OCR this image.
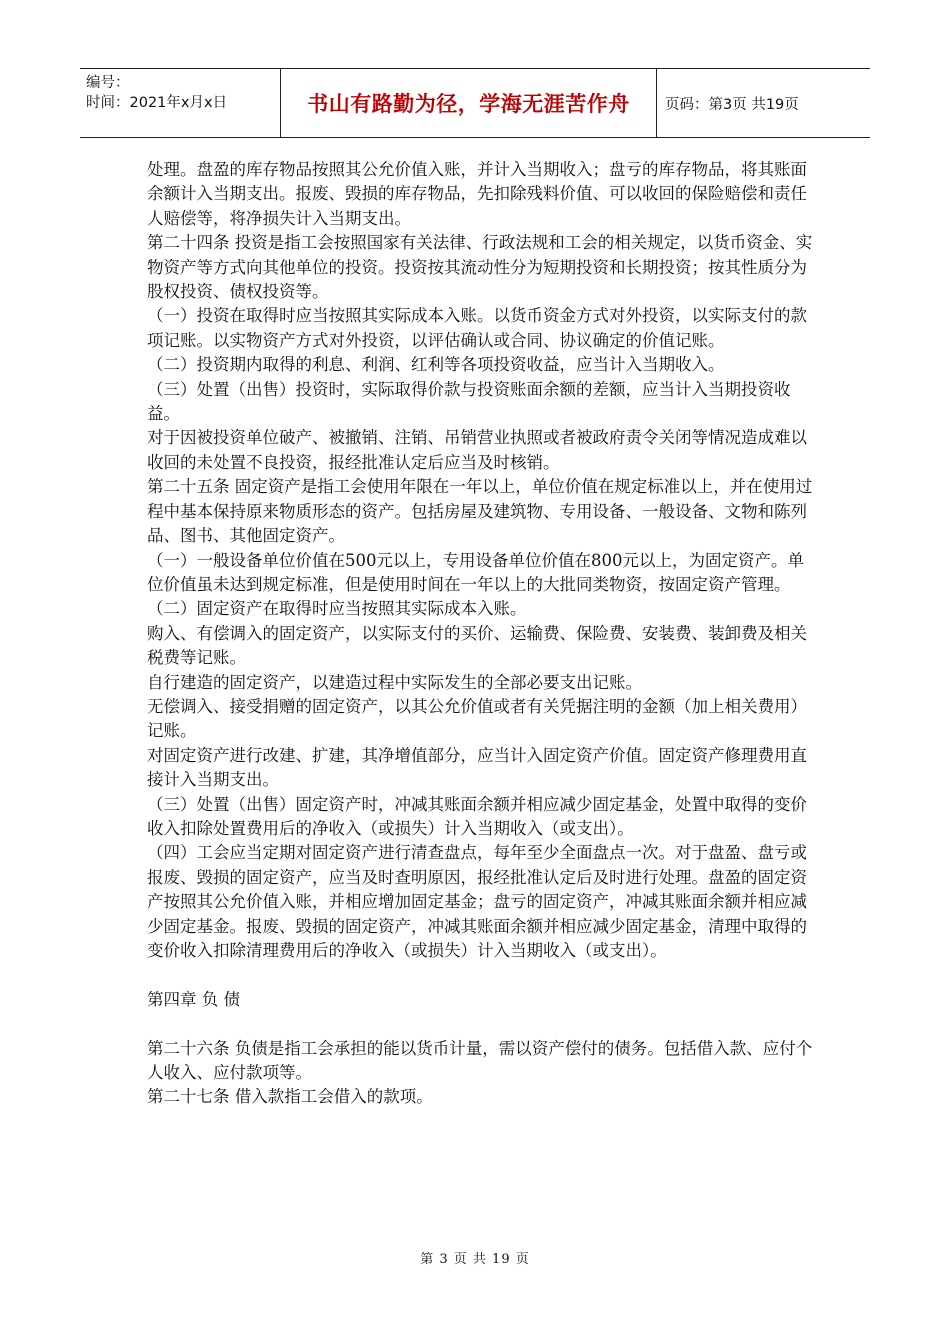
编号：
时间：2021年x月x日	书山有路勤为径，学海无涯苦作舟 页码：第3页 共19页

处理。盘盈的库存物品按照其公允价值入账，并计入当期收入；盘亏的库存物品，将其账面余额计入当期支出。报废、毁损的库存物品，先扣除残料价值、可以收回的保险赔偿和责任人赔偿等，将净损失计入当期支出。

第二十四条 投资是指工会按照国家有关法律、行政法规和工会的相关规定，以货币资金、实物资产等方式向其他单位的投资。投资按其流动性分为短期投资和长期投资；按其性质分为股权投资、债权投资等。

（一）投资在取得时应当按照其实际成本入账。以货币资金方式对外投资，以实际支付的款项记账。以实物资产方式对外投资，以评估确认或合同、协议确定的价值记账。

（二）投资期内取得的利息、利润、红利等各项投资收益，应当计入当期收入。

（三）处置（出售）投资时，实际取得价款与投资账面余额的差额，应当计入当期投资收益。

对于因被投资单位破产、被撤销、注销、吊销营业执照或者被政府责令关闭等情况造成难以收回的未处置不良投资，报经批准认定后应当及时核销。

第二十五条 固定资产是指工会使用年限在一年以上，单位价值在规定标准以上，并在使用过程中基本保持原来物质形态的资产。包括房屋及建筑物、专用设备、一般设备、文物和陈列品、图书、其他固定资产。

（一）一般设备单位价值在500元以上，专用设备单位价值在800元以上，为固定资产。单位价值虽未达到规定标准，但是使用时间在一年以上的大批同类物资，按固定资产管理。

（二）固定资产在取得时应当按照其实际成本入账。

购入、有偿调入的固定资产，以实际支付的买价、运输费、保险费、安装费、装卸费及相关税费等记账。

自行建造的固定资产，以建造过程中实际发生的全部必要支出记账。

无偿调入、接受捐赠的固定资产，以其公允价值或者有关凭据注明的金额（加上相关费用）记账。

对固定资产进行改建、扩建，其净增值部分，应当计入固定资产价值。固定资产修理费用直接计入当期支出。

（三）处置（出售）固定资产时，冲减其账面余额并相应减少固定基金，处置中取得的变价收入扣除处置费用后的净收入（或损失）计入当期收入（或支出）。

（四）工会应当定期对固定资产进行清查盘点，每年至少全面盘点一次。对于盘盈、盘亏或报废、毁损的固定资产，应当及时查明原因，报经批准认定后及时进行处理。盘盈的固定资产按照其公允价值入账，并相应增加固定基金；盘亏的固定资产，冲减其账面余额并相应减少固定基金。报废、毁损的固定资产，冲减其账面余额并相应减少固定基金，清理中取得的变价收入扣除清理费用后的净收入（或损失）计入当期收入（或支出）。

第四章 负 债

第二十六条 负债是指工会承担的能以货币计量，需以资产偿付的债务。包括借入款、应付个人收入、应付款项等。

第二十七条 借入款指工会借入的款项。

第 3 页 共 19 页
